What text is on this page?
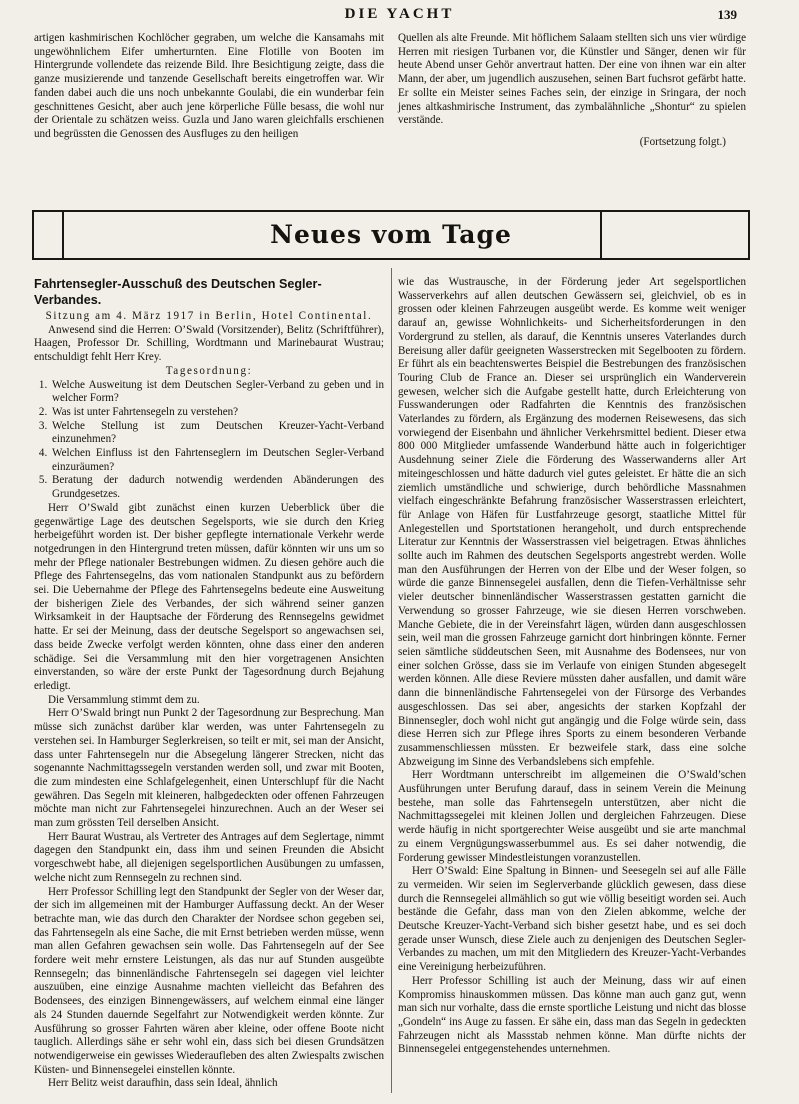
DIE YACHT	139

artigen kashmirischen Kochlöcher gegraben, um welche die Kansamahs mit ungewöhnlichem Eifer umherturnten. Eine Flotille von Booten im Hintergrunde vollendete das reizende Bild. Ihre Besichtigung zeigte, dass die ganze musizierende und tanzende Gesellschaft bereits eingetroffen war. Wir fanden dabei auch die uns noch unbekannte Goulabi, die ein wunderbar fein geschnittenes Gesicht, aber auch jene körperliche Fülle besass, die wohl nur der Orientale zu schätzen weiss. Guzla und Jano waren gleichfalls erschienen und begrüssten die Genossen des Ausfluges zu den heiligen

Quellen als alte Freunde. Mit höflichem Salaam stellten sich uns vier würdige Herren mit riesigen Turbanen vor, die Künstler und Sänger, denen wir für heute Abend unser Gehör anvertraut hatten. Der eine von ihnen war ein alter Mann, der aber, um jugendlich auszusehen, seinen Bart fuchsrot gefärbt hatte. Er sollte ein Meister seines Faches sein, der einzige in Sringara, der noch jenes altkashmirische Instrument, das zymbalähnliche „Shontur“ zu spielen verstände.

(Fortsetzung folgt.)

Neues vom Tage

Fahrtensegler-Ausschuß des Deutschen Segler-Verbandes.

Sitzung am 4. März 1917 in Berlin, Hotel Continental.

Anwesend sind die Herren: O’Swald (Vorsitzender), Belitz (Schriftführer), Haagen, Professor Dr. Schilling, Wordtmann und Marinebaurat Wustrau; entschuldigt fehlt Herr Krey.

Tagesordnung:

1. Welche Ausweitung ist dem Deutschen Segler-Verband zu geben und in welcher Form?
2. Was ist unter Fahrtensegeln zu verstehen?
3. Welche Stellung ist zum Deutschen Kreuzer-Yacht-Verband einzunehmen?
4. Welchen Einfluss ist den Fahrtenseglern im Deutschen Segler-Verband einzuräumen?
5. Beratung der dadurch notwendig werdenden Abänderungen des Grundgesetzes.

Herr O’Swald gibt zunächst einen kurzen Ueberblick über die gegenwärtige Lage des deutschen Segelsports, wie sie durch den Krieg herbeigeführt worden ist. Der bisher gepflegte internationale Verkehr werde notgedrungen in den Hintergrund treten müssen, dafür könnten wir uns um so mehr der Pflege nationaler Bestrebungen widmen. Zu diesen gehöre auch die Pflege des Fahrtensegelns, das vom nationalen Standpunkt aus zu befördern sei. Die Uebernahme der Pflege des Fahrtensegelns bedeute eine Ausweitung der bisherigen Ziele des Verbandes, der sich während seiner ganzen Wirksamkeit in der Hauptsache der Förderung des Rennsegelns gewidmet hatte. Er sei der Meinung, dass der deutsche Segelsport so angewachsen sei, dass beide Zwecke verfolgt werden könnten, ohne dass einer den anderen schädige. Sei die Versammlung mit den hier vorgetragenen Ansichten einverstanden, so wäre der erste Punkt der Tagesordnung durch Bejahung erledigt.

Die Versammlung stimmt dem zu.

Herr O’Swald bringt nun Punkt 2 der Tagesordnung zur Besprechung. Man müsse sich zunächst darüber klar werden, was unter Fahrtensegeln zu verstehen sei. In Hamburger Seglerkreisen, so teilt er mit, sei man der Ansicht, dass unter Fahrtensegeln nur die Absegelung längerer Strecken, nicht das sogenannte Nachmittagssegeln verstanden werden soll, und zwar mit Booten, die zum mindesten eine Schlafgelegenheit, einen Unterschlupf für die Nacht gewähren. Das Segeln mit kleineren, halbgedeckten oder offenen Fahrzeugen möchte man nicht zur Fahrtensegelei hinzurechnen. Auch an der Weser sei man zum grössten Teil derselben Ansicht.

Herr Baurat Wustrau, als Vertreter des Antrages auf dem Seglertage, nimmt dagegen den Standpunkt ein, dass ihm und seinen Freunden die Absicht vorgeschwebt habe, all diejenigen segelsportlichen Ausübungen zu umfassen, welche nicht zum Rennsegeln zu rechnen sind.

Herr Professor Schilling legt den Standpunkt der Segler von der Weser dar, der sich im allgemeinen mit der Hamburger Auffassung deckt. An der Weser betrachte man, wie das durch den Charakter der Nordsee schon gegeben sei, das Fahrtensegeln als eine Sache, die mit Ernst betrieben werden müsse, wenn man allen Gefahren gewachsen sein wolle. Das Fahrtensegeln auf der See fordere weit mehr ernstere Leistungen, als das nur auf Stunden ausgeübte Rennsegeln; das binnenländische Fahrtensegeln sei dagegen viel leichter auszuüben, eine einzige Ausnahme machten vielleicht das Befahren des Bodensees, des einzigen Binnengewässers, auf welchem einmal eine länger als 24 Stunden dauernde Segelfahrt zur Notwendigkeit werden könnte. Zur Ausführung so grosser Fahrten wären aber kleine, oder offene Boote nicht tauglich. Allerdings sähe er sehr wohl ein, dass sich bei diesen Grundsätzen notwendigerweise ein gewisses Wiederaufleben des alten Zwiespalts zwischen Küsten- und Binnensegelei einstellen könnte.

Herr Belitz weist daraufhin, dass sein Ideal, ähnlich

wie das Wustrausche, in der Förderung jeder Art segelsportlichen Wasserverkehrs auf allen deutschen Gewässern sei, gleichviel, ob es in grossen oder kleinen Fahrzeugen ausgeübt werde. Es komme weit weniger darauf an, gewisse Wohnlichkeits- und Sicherheitsforderungen in den Vordergrund zu stellen, als darauf, die Kenntnis unseres Vaterlandes durch Bereisung aller dafür geeigneten Wasserstrecken mit Segelbooten zu fördern. Er führt als ein beachtenswertes Beispiel die Bestrebungen des französischen Touring Club de France an. Dieser sei ursprünglich ein Wanderverein gewesen, welcher sich die Aufgabe gestellt hatte, durch Erleichterung von Fusswanderungen oder Radfahrten die Kenntnis des französischen Vaterlandes zu fördern, als Ergänzung des modernen Reisewesens, das sich vorwiegend der Eisenbahn und ähnlicher Verkehrsmittel bedient. Dieser etwa 800 000 Mitglieder umfassende Wanderbund hätte auch in folgerichtiger Ausdehnung seiner Ziele die Förderung des Wasserwanderns aller Art miteingeschlossen und hätte dadurch viel gutes geleistet. Er hätte die an sich ziemlich umständliche und schwierige, durch behördliche Massnahmen vielfach eingeschränkte Befahrung französischer Wasserstrassen erleichtert, für Anlage von Häfen für Lustfahrzeuge gesorgt, staatliche Mittel für Anlegestellen und Sportstationen herangeholt, und durch entsprechende Literatur zur Kenntnis der Wasserstrassen viel beigetragen. Etwas ähnliches sollte auch im Rahmen des deutschen Segelsports angestrebt werden. Wolle man den Ausführungen der Herren von der Elbe und der Weser folgen, so würde die ganze Binnensegelei ausfallen, denn die Tiefen-Verhältnisse sehr vieler deutscher binnenländischer Wasserstrassen gestatten garnicht die Verwendung so grosser Fahrzeuge, wie sie diesen Herren vorschweben. Manche Gebiete, die in der Vereinsfahrt lägen, würden dann ausgeschlossen sein, weil man die grossen Fahrzeuge garnicht dort hinbringen könnte. Ferner seien sämtliche süddeutschen Seen, mit Ausnahme des Bodensees, nur von einer solchen Grösse, dass sie im Verlaufe von einigen Stunden abgesegelt werden können. Alle diese Reviere müssten daher ausfallen, und damit wäre dann die binnenländische Fahrtensegelei von der Fürsorge des Verbandes ausgeschlossen. Das sei aber, angesichts der starken Kopfzahl der Binnensegler, doch wohl nicht gut angängig und die Folge würde sein, dass diese Herren sich zur Pflege ihres Sports zu einem besonderen Verbande zusammenschliessen müssten. Er bezweifele stark, dass eine solche Abzweigung im Sinne des Verbandslebens sich empfehle.

Herr Wordtmann unterschreibt im allgemeinen die O’Swald’schen Ausführungen unter Berufung darauf, dass in seinem Verein die Meinung bestehe, man solle das Fahrtensegeln unterstützen, aber nicht die Nachmittagssegelei mit kleinen Jollen und dergleichen Fahrzeugen. Diese werde häufig in nicht sportgerechter Weise ausgeübt und sie arte manchmal zu einem Vergnügungswasserbummel aus. Es sei daher notwendig, die Forderung gewisser Mindestleistungen voranzustellen.

Herr O’Swald: Eine Spaltung in Binnen- und Seesegeln sei auf alle Fälle zu vermeiden. Wir seien im Seglerverbande glücklich gewesen, dass diese durch die Rennsegelei allmählich so gut wie völlig beseitigt worden sei. Auch bestände die Gefahr, dass man von den Zielen abkomme, welche der Deutsche Kreuzer-Yacht-Verband sich bisher gesetzt habe, und es sei doch gerade unser Wunsch, diese Ziele auch zu denjenigen des Deutschen Segler-Verbandes zu machen, um mit den Mitgliedern des Kreuzer-Yacht-Verbandes eine Vereinigung herbeizuführen.

Herr Professor Schilling ist auch der Meinung, dass wir auf einen Kompromiss hinauskommen müssen. Das könne man auch ganz gut, wenn man sich nur vorhalte, dass die ernste sportliche Leistung und nicht das blosse „Gondeln“ ins Auge zu fassen. Er sähe ein, dass man das Segeln in gedeckten Fahrzeugen nicht als Massstab nehmen könne. Man dürfte nichts der Binnensegelei entgegenstehendes unternehmen.
